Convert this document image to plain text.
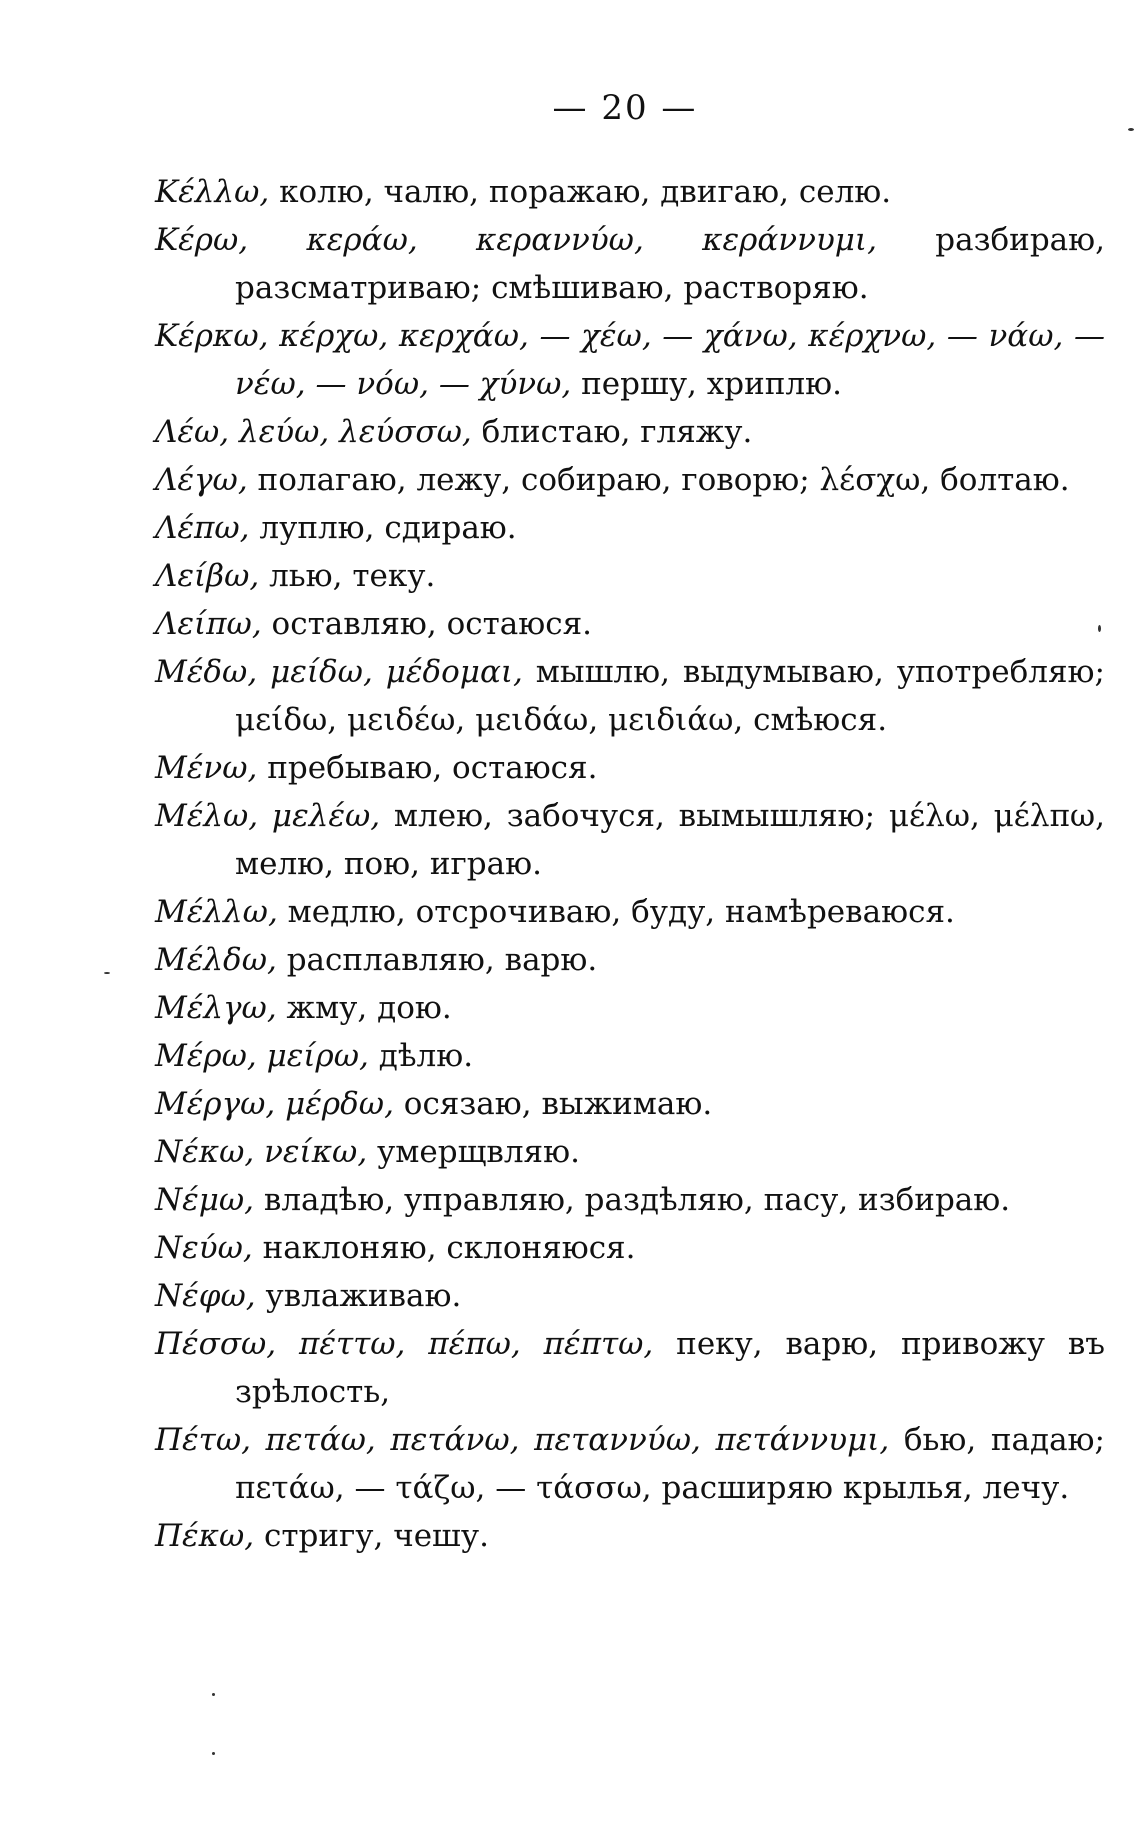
— 20 —

Κέλλω, колю, чалю, поражаю, двигаю, селю.

Κέρω, κεράω, κεραννύω, κεράννυμι, разбираю, разсматриваю; смѣшиваю, растворяю.

Κέρκω, κέρχω, κερχάω, — χέω, — χάνω, κέρχνω, — νάω, — νέω, — νόω, — χύνω, першу, хриплю.

Λέω, λεύω, λεύσσω, блистаю, гляжу.

Λέγω, полагаю, лежу, собираю, говорю; λέσχω, болтаю.

Λέπω, луплю, сдираю.

Λείβω, лью, теку.

Λείπω, оставляю, остаюся.

Μέδω, μείδω, μέδομαι, мышлю, выдумываю, употребляю; μείδω, μειδέω, μειδάω, μειδιάω, смѣюся.

Μένω, пребываю, остаюся.

Μέλω, μελέω, млею, забочуся, вымышляю; μέλω, μέλπω, мелю, пою, играю.

Μέλλω, медлю, отсрочиваю, буду, намѣреваюся.

Μέλδω, расплавляю, варю.

Μέλγω, жму, дою.

Μέρω, μείρω, дѣлю.

Μέργω, μέρδω, осязаю, выжимаю.

Νέκω, νείκω, умерщвляю.

Νέμω, владѣю, управляю, раздѣляю, пасу, избираю.

Νεύω, наклоняю, склоняюся.

Νέφω, увлаживаю.

Πέσσω, πέττω, πέπω, πέπτω, пеку, варю, привожу въ зрѣлость,

Πέτω, πετάω, πετάνω, πεταννύω, πετάννυμι, бью, падаю; πετάω, — τάζω, — τάσσω, расширяю крылья, лечу.

Πέκω, стригу, чешу.
